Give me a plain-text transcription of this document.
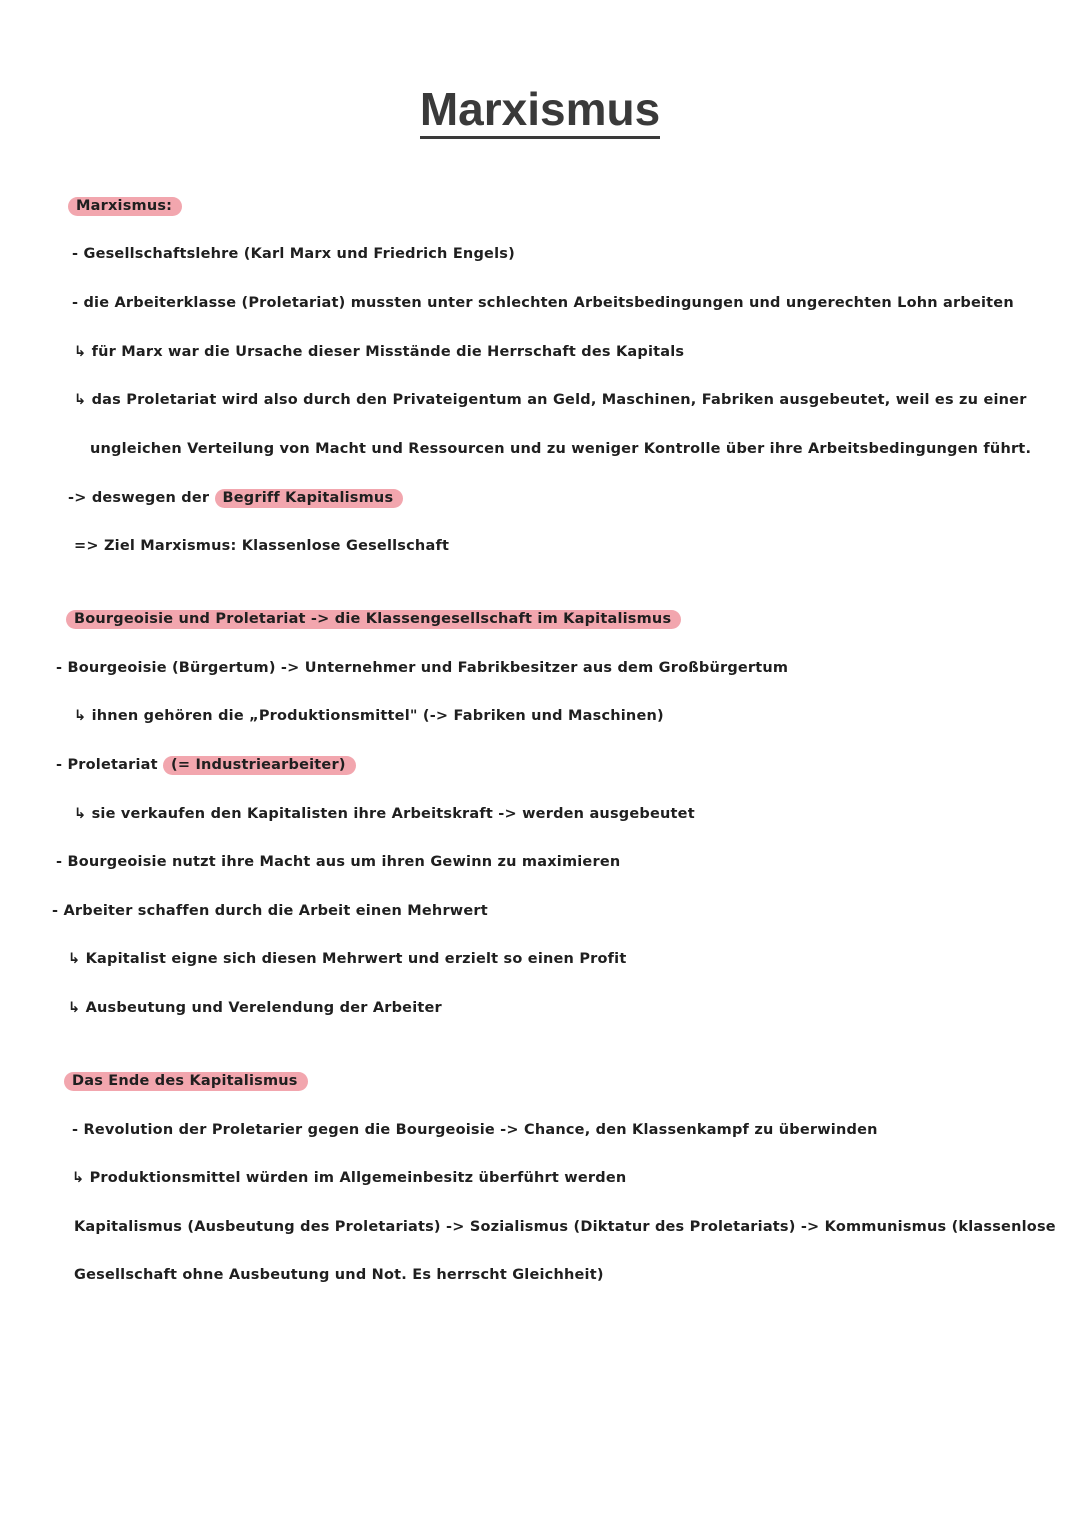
Marxismus
Marxismus:
- Gesellschaftslehre (Karl Marx und Friedrich Engels)
- die Arbeiterklasse (Proletariat) mussten unter schlechten Arbeitsbedingungen und ungerechten Lohn arbeiten
↳ für Marx war die Ursache dieser Misstände die Herrschaft des Kapitals
↳ das Proletariat wird also durch den Privateigentum an Geld, Maschinen, Fabriken ausgebeutet, weil es zu einer
ungleichen Verteilung von Macht und Ressourcen und zu weniger Kontrolle über ihre Arbeitsbedingungen führt.
-> deswegen der Begriff Kapitalismus
=> Ziel Marxismus: Klassenlose Gesellschaft
Bourgeoisie und Proletariat -> die Klassengesellschaft im Kapitalismus
- Bourgeoisie (Bürgertum) -> Unternehmer und Fabrikbesitzer aus dem Großbürgertum
↳ ihnen gehören die „Produktionsmittel" (-> Fabriken und Maschinen)
- Proletariat (= Industriearbeiter)
↳ sie verkaufen den Kapitalisten ihre Arbeitskraft -> werden ausgebeutet
- Bourgeoisie nutzt ihre Macht aus um ihren Gewinn zu maximieren
- Arbeiter schaffen durch die Arbeit einen Mehrwert
↳ Kapitalist eigne sich diesen Mehrwert und erzielt so einen Profit
↳ Ausbeutung und Verelendung der Arbeiter
Das Ende des Kapitalismus
- Revolution der Proletarier gegen die Bourgeoisie -> Chance, den Klassenkampf zu überwinden
↳ Produktionsmittel würden im Allgemeinbesitz überführt werden
Kapitalismus (Ausbeutung des Proletariats) -> Sozialismus (Diktatur des Proletariats) -> Kommunismus (klassenlose
Gesellschaft ohne Ausbeutung und Not. Es herrscht Gleichheit)
